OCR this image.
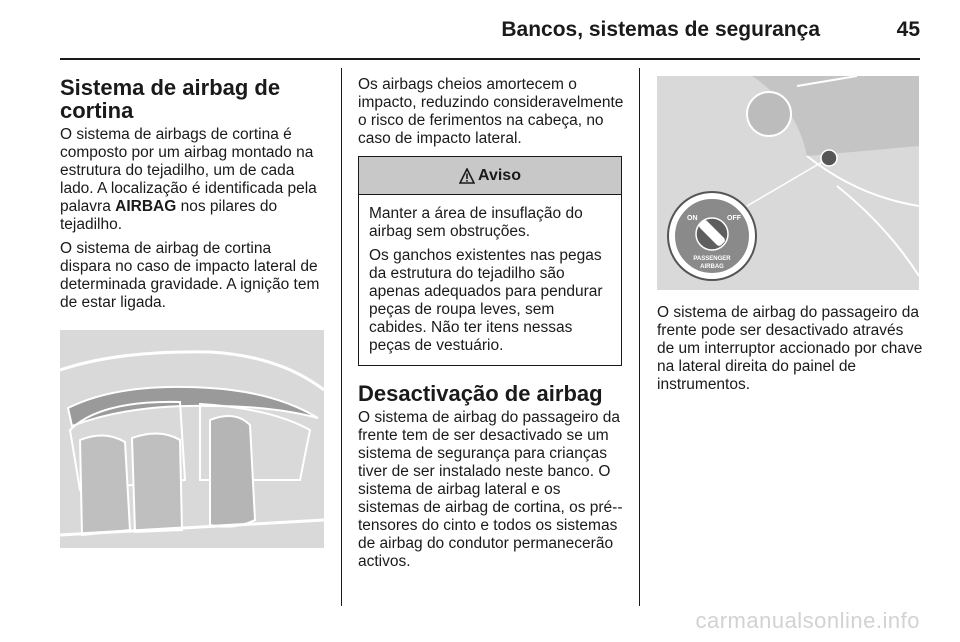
Bancos, sistemas de segurança	45
Sistema de airbag de cortina

O sistema de airbags de cortina é composto por um airbag montado na estrutura do tejadilho, um de cada lado. A localização é identificada pela palavra AIRBAG nos pilares do tejadilho.

O sistema de airbag de cortina dispara no caso de impacto lateral de determinada gravidade. A ignição tem de estar ligada.

Os airbags cheios amortecem o impacto, reduzindo consideravelmente o risco de ferimentos na cabeça, no caso de impacto lateral.

Aviso

Manter a área de insuflação do airbag sem obstruções.

Os ganchos existentes nas pegas da estrutura do tejadilho são apenas adequados para pendurar peças de roupa leves, sem cabides. Não ter itens nessas peças de vestuário.

Desactivação de airbag

O sistema de airbag do passageiro da frente tem de ser desactivado se um sistema de segurança para crianças tiver de ser instalado neste banco. O sistema de airbag lateral e os sistemas de airbag de cortina, os pré--tensores do cinto e todos os sistemas de airbag do condutor permanecerão activos.

ON	OFF
PASSENGER
AIRBAG

O sistema de airbag do passageiro da frente pode ser desactivado através de um interruptor accionado por chave na lateral direita do painel de instrumentos.

carmanualsonline.info
